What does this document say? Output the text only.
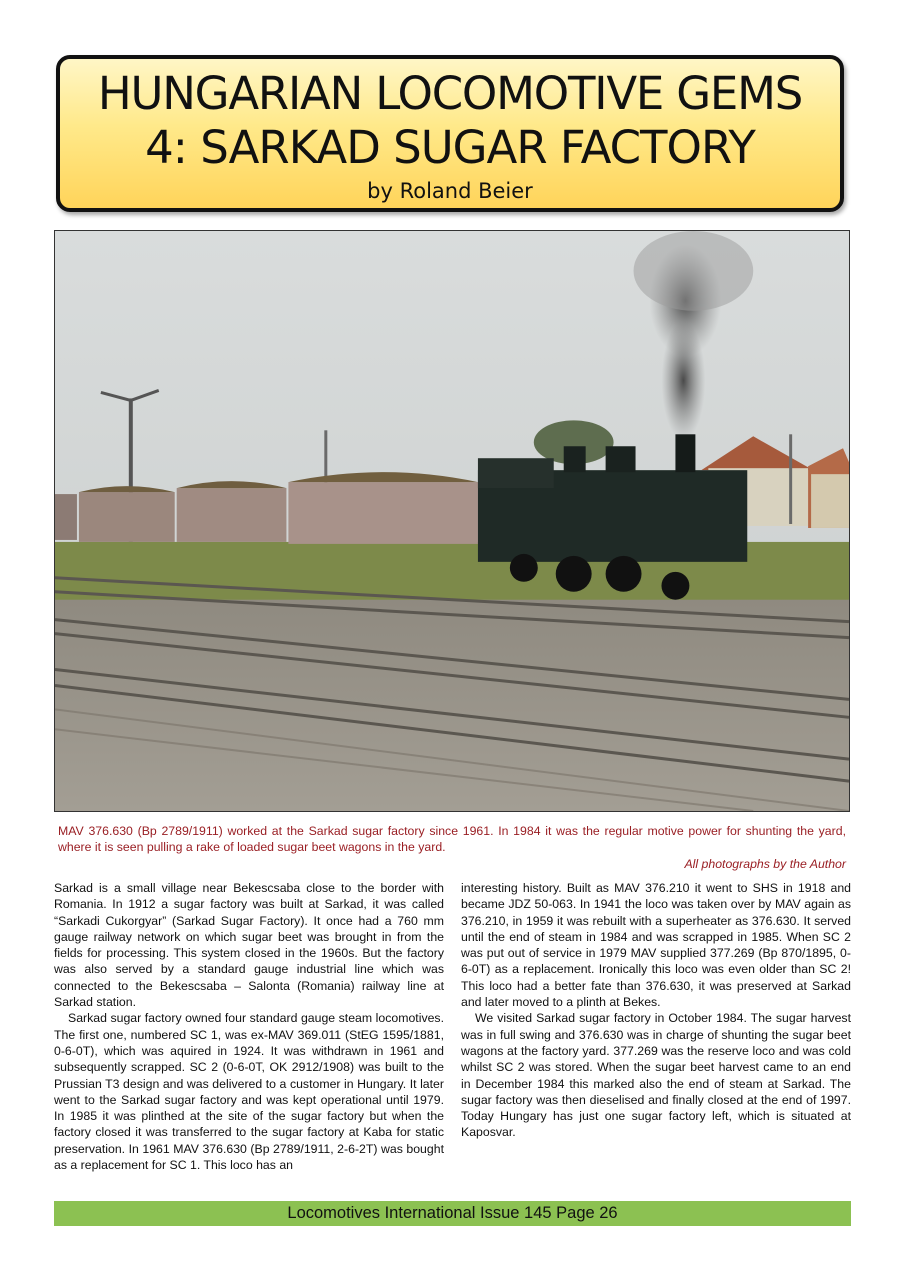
HUNGARIAN LOCOMOTIVE GEMS
4: SARKAD SUGAR FACTORY
by Roland Beier
MAV 376.630 (Bp 2789/1911) worked at the Sarkad sugar factory since 1961. In 1984 it was the regular motive power for shunting the yard, where it is seen pulling a rake of loaded sugar beet wagons in the yard.
All photographs by the Author

Sarkad is a small village near Bekescsaba close to the border with Romania. In 1912 a sugar factory was built at Sarkad, it was called “Sarkadi Cukorgyar” (Sarkad Sugar Factory). It once had a 760 mm gauge railway network on which sugar beet was brought in from the fields for processing. This system closed in the 1960s. But the factory was also served by a standard gauge industrial line which was connected to the Bekescsaba – Salonta (Romania) railway line at Sarkad station.

Sarkad sugar factory owned four standard gauge steam locomotives. The first one, numbered SC 1, was ex-MAV 369.011 (StEG 1595/1881, 0-6-0T), which was aquired in 1924. It was withdrawn in 1961 and subsequently scrapped. SC 2 (0-6-0T, OK 2912/1908) was built to the Prussian T3 design and was delivered to a customer in Hungary. It later went to the Sarkad sugar factory and was kept operational until 1979. In 1985 it was plinthed at the site of the sugar factory but when the factory closed it was transferred to the sugar factory at Kaba for static preservation. In 1961 MAV 376.630 (Bp 2789/1911, 2-6-2T) was bought as a replacement for SC 1. This loco has an

interesting history. Built as MAV 376.210 it went to SHS in 1918 and became JDZ 50-063. In 1941 the loco was taken over by MAV again as 376.210, in 1959 it was rebuilt with a superheater as 376.630. It served until the end of steam in 1984 and was scrapped in 1985. When SC 2 was put out of service in 1979 MAV supplied 377.269 (Bp 870/1895, 0-6-0T) as a replacement. Ironically this loco was even older than SC 2! This loco had a better fate than 376.630, it was preserved at Sarkad and later moved to a plinth at Bekes.

We visited Sarkad sugar factory in October 1984. The sugar harvest was in full swing and 376.630 was in charge of shunting the sugar beet wagons at the factory yard. 377.269 was the reserve loco and was cold whilst SC 2 was stored. When the sugar beet harvest came to an end in December 1984 this marked also the end of steam at Sarkad. The sugar factory was then dieselised and finally closed at the end of 1997. Today Hungary has just one sugar factory left, which is situated at Kaposvar.

Locomotives International Issue 145 Page 26
